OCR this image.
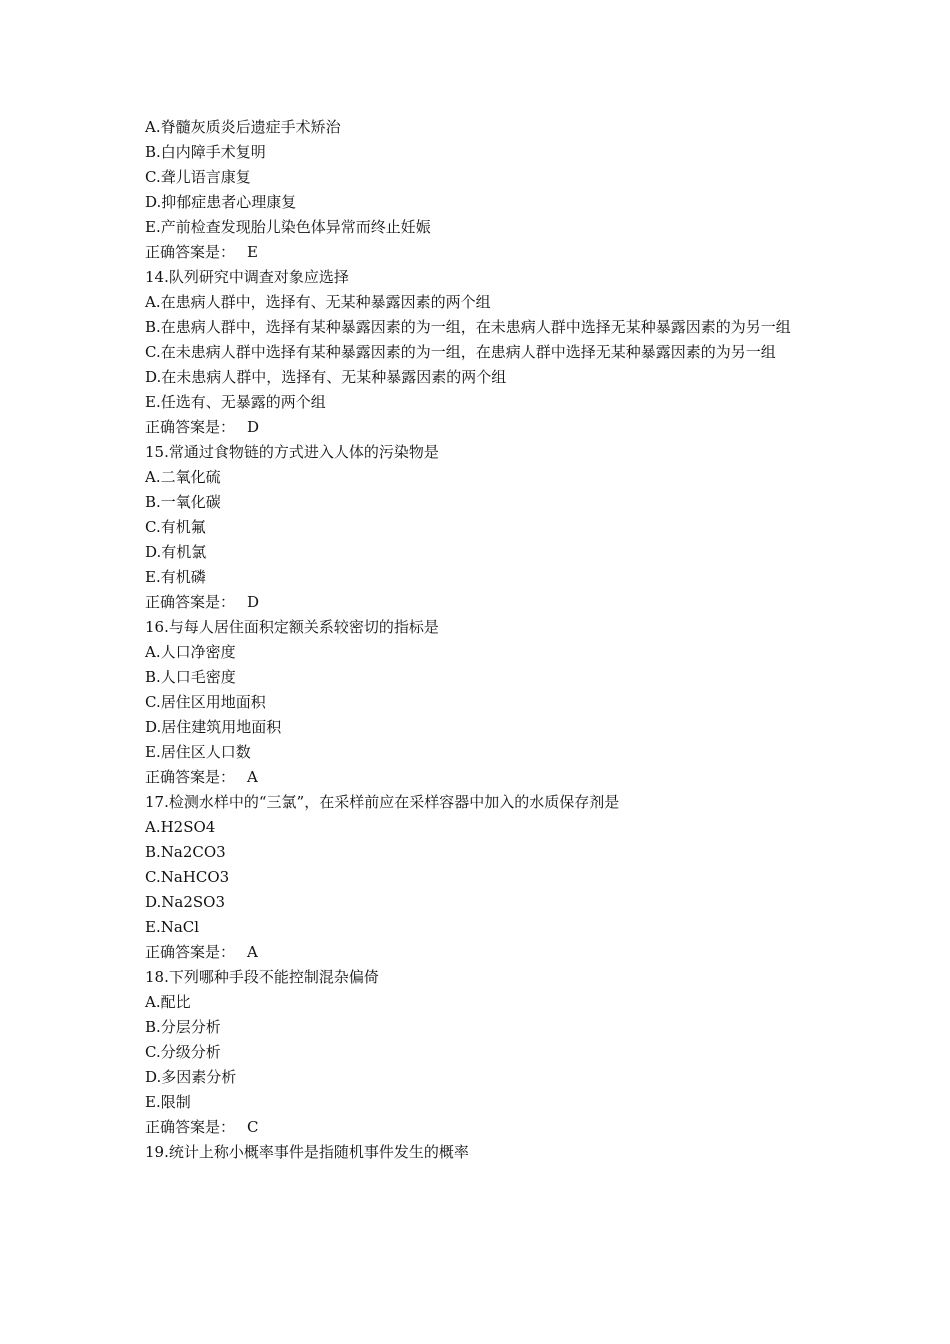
A.脊髓灰质炎后遗症手术矫治

B.白内障手术复明

C.聋儿语言康复

D.抑郁症患者心理康复

E.产前检查发现胎儿染色体异常而终止妊娠

正确答案是： E

14.队列研究中调查对象应选择

A.在患病人群中，选择有、无某种暴露因素的两个组

B.在患病人群中，选择有某种暴露因素的为一组，在未患病人群中选择无某种暴露因素的为另一组

C.在未患病人群中选择有某种暴露因素的为一组，在患病人群中选择无某种暴露因素的为另一组

D.在未患病人群中，选择有、无某种暴露因素的两个组

E.任选有、无暴露的两个组

正确答案是： D

15.常通过食物链的方式进入人体的污染物是

A.二氧化硫

B.一氧化碳

C.有机氟

D.有机氯

E.有机磷

正确答案是： D

16.与每人居住面积定额关系较密切的指标是

A.人口净密度

B.人口毛密度

C.居住区用地面积

D.居住建筑用地面积

E.居住区人口数

正确答案是： A

17.检测水样中的“三氯”，在采样前应在采样容器中加入的水质保存剂是

A.H2SO4

B.Na2CO3

C.NaHCO3

D.Na2SO3

E.NaCl

正确答案是： A

18.下列哪种手段不能控制混杂偏倚

A.配比

B.分层分析

C.分级分析

D.多因素分析

E.限制

正确答案是： C

19.统计上称小概率事件是指随机事件发生的概率
